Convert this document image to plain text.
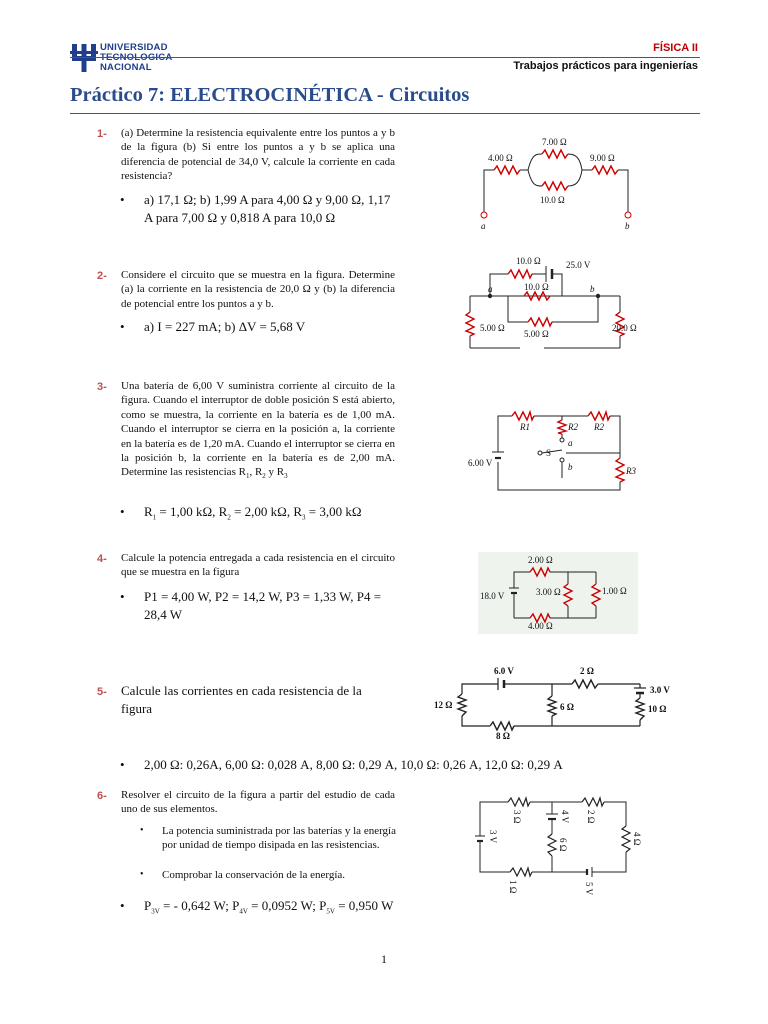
UNIVERSIDAD
TECNOLOGICA
NACIONAL
FÍSICA II
Trabajos prácticos para ingenierías
Práctico 7: ELECTROCINÉTICA - Circuitos
1- (a) Determine la resistencia equivalente entre los puntos a y b de la figura (b) Si entre los puntos a y b se aplica una diferencia de potencial de 34,0 V, calcule la corriente en cada resistencia?
• a) 17,1 Ω; b) 1,99 A para 4,00 Ω y 9,00 Ω, 1,17 A para 7,00 Ω y 0,818 A para 10,0 Ω
7.00 Ω
4.00 Ω	9.00 Ω
10.0 Ω
a	b
2- Considere el circuito que se muestra en la figura. Determine (a) la corriente en la resistencia de 20,0 Ω y (b) la diferencia de potencial entre los puntos a y b.
• a) I = 227 mA; b) ΔV = 5,68 V
10.0 Ω	25.0 V
10.0 Ω
a	b
5.00 Ω
5.00 Ω
20.0 Ω
3- Una batería de 6,00 V suministra corriente al circuito de la figura. Cuando el interruptor de doble posición S está abierto, como se muestra, la corriente en la batería es de 1,00 mA. Cuando el interruptor se cierra en la posición a, la corriente en la batería es de 1,20 mA. Cuando el interruptor se cierra en la posición b, la corriente en la batería es de 2,00 mA. Determine las resistencias $R_1$, $R_2$ y $R_3$
• $R_1 = 1,00$ kΩ, $R_2 = 2,00$ kΩ, $R_3 = 3,00$ kΩ
R1	R2 R2
a
S
b
6.00 V
R3
4- Calcule la potencia entregada a cada resistencia en el circuito que se muestra en la figura
• P1 = 4,00 W, P2 = 14,2 W, P3 = 1,33 W, P4 = 28,4 W
2.00 Ω
18.0 V	3.00 Ω	1.00 Ω
4.00 Ω
5- Calcule las corrientes en cada resistencia de la figura
• 2,00 Ω: 0,26A, 6,00 Ω: 0,028 A, 8,00 Ω: 0,29 A, 10,0 Ω: 0,26 A, 12,0 Ω: 0,29 A
6.0 V	2 Ω
3.0 V
12 Ω	6 Ω	10 Ω
8 Ω
6- Resolver el circuito de la figura a partir del estudio de cada uno de sus elementos.
• La potencia suministrada por las baterías y la energía por unidad de tiempo disipada en las resistencias.
• Comprobar la conservación de la energía.
• $P_{3V}$ = - 0,642 W; $P_{4V} = 0,0952$ W; $P_{5V} = 0,950$ W
3 Ω	2 Ω
3 V
4 V
6 Ω	4 Ω
1 Ω	5 V
1
